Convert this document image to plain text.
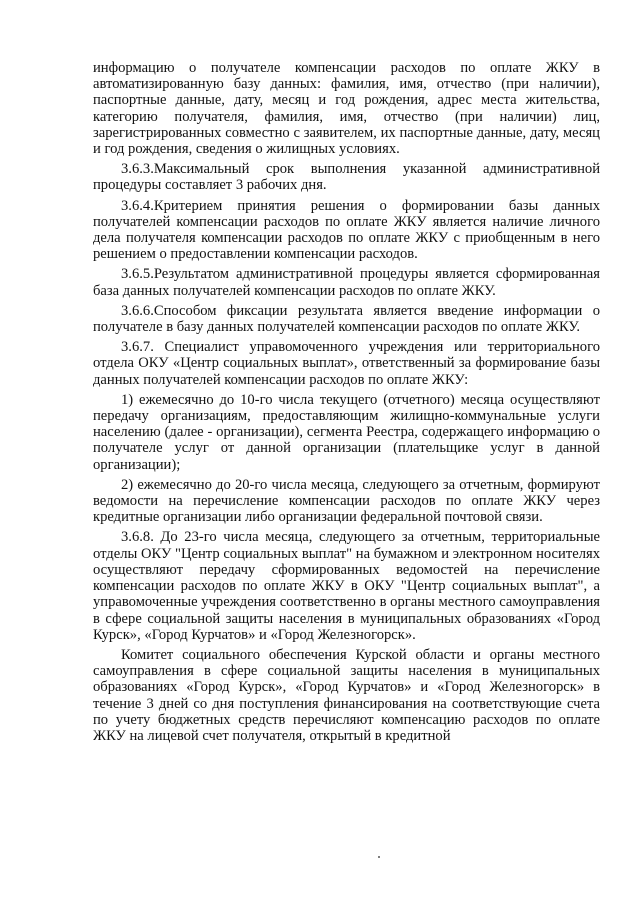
информацию о получателе компенсации расходов по оплате ЖКУ в автоматизированную базу данных: фамилия, имя, отчество (при наличии), паспортные данные, дату, месяц и год рождения, адрес места жительства, категорию получателя, фамилия, имя, отчество (при наличии) лиц, зарегистрированных совместно с заявителем, их паспортные данные, дату, месяц и год рождения, сведения о жилищных условиях.

3.6.3.Максимальный срок выполнения указанной административной процедуры составляет 3 рабочих дня.

3.6.4.Критерием принятия решения о формировании базы данных получателей компенсации расходов по оплате ЖКУ является наличие личного дела получателя компенсации расходов по оплате ЖКУ с приобщенным в него решением о предоставлении компенсации расходов.

3.6.5.Результатом административной процедуры является сформированная база данных получателей компенсации расходов по оплате ЖКУ.

3.6.6.Способом фиксации результата является введение информации о получателе в базу данных получателей компенсации расходов по оплате ЖКУ.

3.6.7. Специалист управомоченного учреждения или территориального отдела ОКУ «Центр социальных выплат», ответственный за формирование базы данных получателей компенсации расходов по оплате ЖКУ:

1) ежемесячно до 10-го числа текущего (отчетного) месяца осуществляют передачу организациям, предоставляющим жилищно-коммунальные услуги населению (далее - организации), сегмента Реестра, содержащего информацию о получателе услуг от данной организации (плательщике услуг в данной организации);

2) ежемесячно до 20-го числа месяца, следующего за отчетным, формируют ведомости на перечисление компенсации расходов по оплате ЖКУ через кредитные организации либо организации федеральной почтовой связи.

3.6.8. До 23-го числа месяца, следующего за отчетным, территориальные отделы ОКУ "Центр социальных выплат" на бумажном и электронном носителях осуществляют передачу сформированных ведомостей на перечисление компенсации расходов по оплате ЖКУ в ОКУ "Центр социальных выплат", а управомоченные учреждения соответственно в органы местного самоуправления в сфере социальной защиты населения в муниципальных образованиях «Город Курск», «Город Курчатов» и «Город Железногорск».

Комитет социального обеспечения Курской области и органы местного самоуправления в сфере социальной защиты населения в муниципальных образованиях «Город Курск», «Город Курчатов» и «Город Железногорск» в течение 3 дней со дня поступления финансирования на соответствующие счета по учету бюджетных средств перечисляют компенсацию расходов по оплате ЖКУ на лицевой счет получателя, открытый в кредитной
